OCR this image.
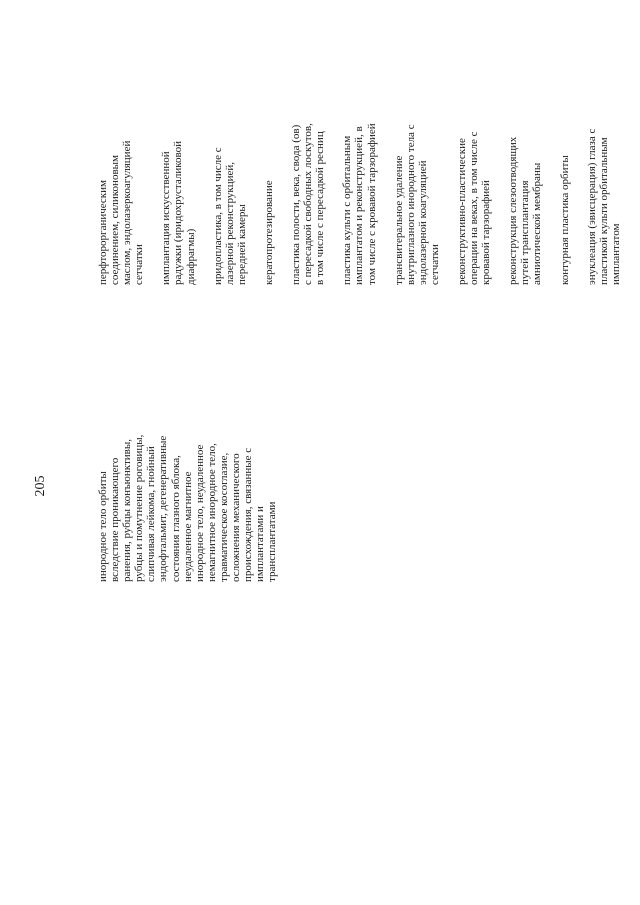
205	инородное тело орбиты вследствие проникающего ранения, рубцы конъюнктивы, рубцы и помутнение роговицы, слипчивая лейкома, гнойный эндофтальмит, дегенеративные состояния глазного яблока, неудаленное магнитное инородное тело, неудаленное немагнитное инородное тело, травматическое косоглазие, осложнения механического происхождения, связанные с имплантатами и трансплантатами
перфторорганическим соединением, силиконовым маслом, эндолазеркоагуляцией сетчатки имплантация искусственной радужки (иридохрусталиковой диафрагмы) иридопластика, в том числе с лазерной реконструкцией, передней камеры кератопротезирование пластика полости, века, свода (ов) с пересадкой свободных лоскутов, в том числе с пересадкой ресниц пластика культи с орбитальным имплантатом и реконструкцией, в том числе с кровавой тарзорафией трансвитеральное удаление внутриглазного инородного тела с эндолазерной коагуляцией сетчатки реконструктивно-пластические операции на веках, в том числе с кровавой тарзорафией реконструкция слезоотводящих путей трансплантация амниотической мембраны контурная пластика орбиты энуклеация (эвисцерация) глаза с пластикой культи орбитальным имплантатом
